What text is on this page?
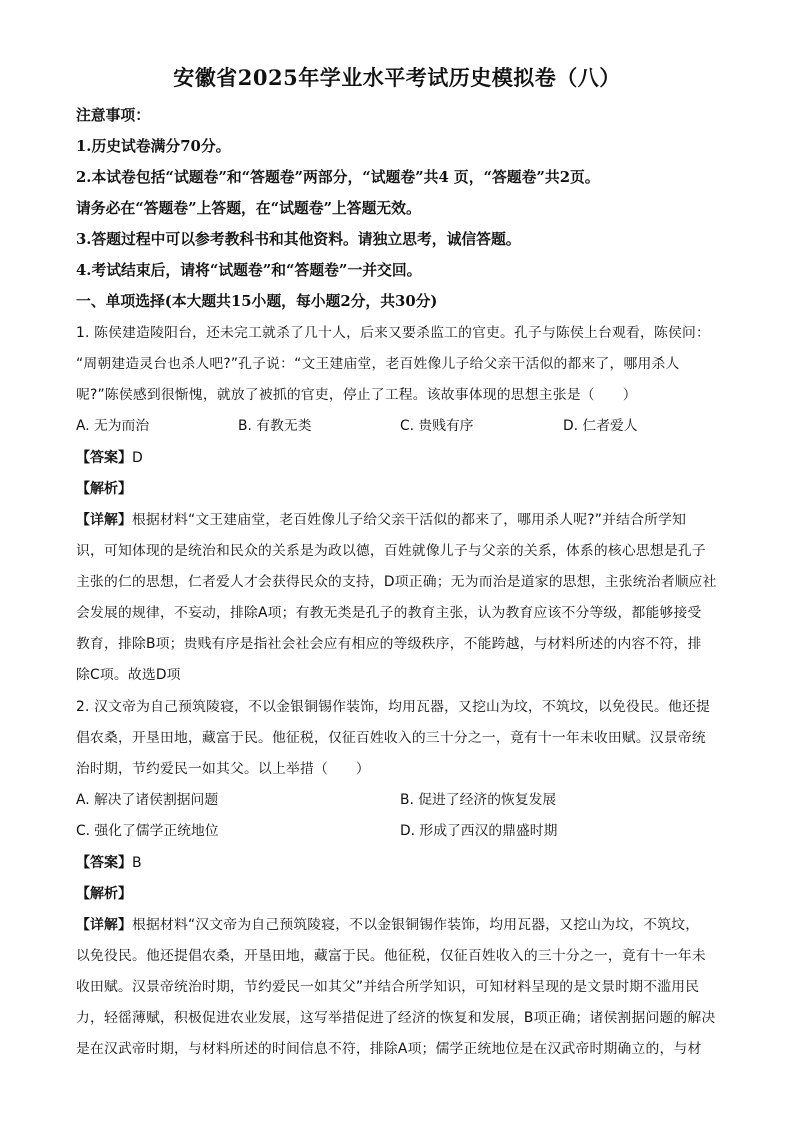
安徽省2025年学业水平考试历史模拟卷（八）
注意事项：
1.历史试卷满分70分。
2.本试卷包括“试题卷”和“答题卷”两部分，“试题卷”共4 页，“答题卷”共2页。
请务必在“答题卷”上答题，在“试题卷”上答题无效。
3.答题过程中可以参考教科书和其他资料。请独立思考，诚信答题。
4.考试结束后，请将“试题卷”和“答题卷”一并交回。
一、单项选择(本大题共15小题，每小题2分，共30分)
1. 陈侯建造陵阳台，还未完工就杀了几十人，后来又要杀监工的官吏。孔子与陈侯上台观看，陈侯问：
“周朝建造灵台也杀人吧?”孔子说：“文王建庙堂，老百姓像儿子给父亲干活似的都来了，哪用杀人
呢?”陈侯感到很惭愧，就放了被抓的官吏，停止了工程。该故事体现的思想主张是（　　）
A. 无为而治	B. 有教无类	C. 贵贱有序	D. 仁者爱人
【答案】D
【解析】
【详解】根据材料“文王建庙堂，老百姓像儿子给父亲干活似的都来了，哪用杀人呢?”并结合所学知
识，可知体现的是统治和民众的关系是为政以德，百姓就像儿子与父亲的关系，体系的核心思想是孔子
主张的仁的思想，仁者爱人才会获得民众的支持，D项正确；无为而治是道家的思想，主张统治者顺应社
会发展的规律，不妄动，排除A项；有教无类是孔子的教育主张，认为教育应该不分等级，都能够接受
教育，排除B项；贵贱有序是指社会社会应有相应的等级秩序，不能跨越，与材料所述的内容不符，排
除C项。故选D项
2. 汉文帝为自己预筑陵寝，不以金银铜锡作装饰，均用瓦器，又挖山为坟，不筑坟，以免役民。他还提
倡农桑，开垦田地，藏富于民。他征税，仅征百姓收入的三十分之一，竟有十一年未收田赋。汉景帝统
治时期，节约爱民一如其父。以上举措（　　）
A. 解决了诸侯割据问题	B. 促进了经济的恢复发展
C. 强化了儒学正统地位	D. 形成了西汉的鼎盛时期
【答案】B
【解析】
【详解】根据材料“汉文帝为自己预筑陵寝，不以金银铜锡作装饰，均用瓦器，又挖山为坟，不筑坟，
以免役民。他还提倡农桑，开垦田地，藏富于民。他征税，仅征百姓收入的三十分之一，竟有十一年未
收田赋。汉景帝统治时期，节约爱民一如其父”并结合所学知识，可知材料呈现的是文景时期不滥用民
力，轻徭薄赋，积极促进农业发展，这写举措促进了经济的恢复和发展，B项正确；诸侯割据问题的解决
是在汉武帝时期，与材料所述的时间信息不符，排除A项；儒学正统地位是在汉武帝时期确立的，与材
